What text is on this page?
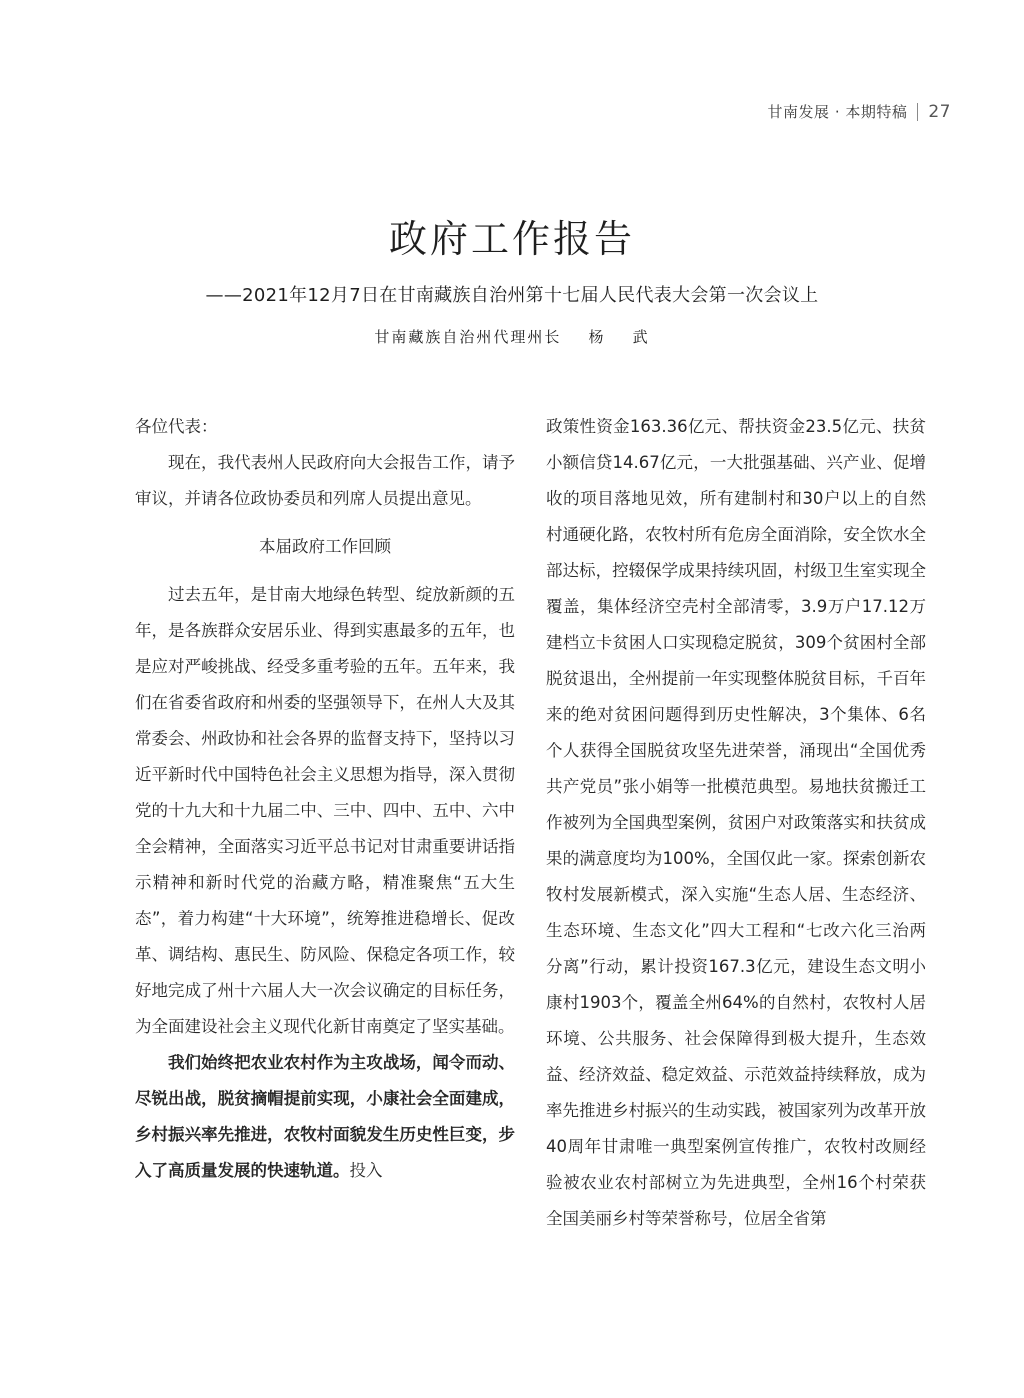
甘南发展 · 本期特稿 27
政府工作报告
——2021年12月7日在甘南藏族自治州第十七届人民代表大会第一次会议上
甘南藏族自治州代理州长    杨    武

各位代表：

现在，我代表州人民政府向大会报告工作，请予审议，并请各位政协委员和列席人员提出意见。

本届政府工作回顾

过去五年，是甘南大地绿色转型、绽放新颜的五年，是各族群众安居乐业、得到实惠最多的五年，也是应对严峻挑战、经受多重考验的五年。五年来，我们在省委省政府和州委的坚强领导下，在州人大及其常委会、州政协和社会各界的监督支持下，坚持以习近平新时代中国特色社会主义思想为指导，深入贯彻党的十九大和十九届二中、三中、四中、五中、六中全会精神，全面落实习近平总书记对甘肃重要讲话指示精神和新时代党的治藏方略，精准聚焦“五大生态”，着力构建“十大环境”，统筹推进稳增长、促改革、调结构、惠民生、防风险、保稳定各项工作，较好地完成了州十六届人大一次会议确定的目标任务，为全面建设社会主义现代化新甘南奠定了坚实基础。

我们始终把农业农村作为主攻战场，闻令而动、尽锐出战，脱贫摘帽提前实现，小康社会全面建成，乡村振兴率先推进，农牧村面貌发生历史性巨变，步入了高质量发展的快速轨道。投入

政策性资金163.36亿元、帮扶资金23.5亿元、扶贫小额信贷14.67亿元，一大批强基础、兴产业、促增收的项目落地见效，所有建制村和30户以上的自然村通硬化路，农牧村所有危房全面消除，安全饮水全部达标，控辍保学成果持续巩固，村级卫生室实现全覆盖，集体经济空壳村全部清零，3.9万户17.12万建档立卡贫困人口实现稳定脱贫，309个贫困村全部脱贫退出，全州提前一年实现整体脱贫目标，千百年来的绝对贫困问题得到历史性解决，3个集体、6名个人获得全国脱贫攻坚先进荣誉，涌现出“全国优秀共产党员”张小娟等一批模范典型。易地扶贫搬迁工作被列为全国典型案例，贫困户对政策落实和扶贫成果的满意度均为100%，全国仅此一家。探索创新农牧村发展新模式，深入实施“生态人居、生态经济、生态环境、生态文化”四大工程和“七改六化三治两分离”行动，累计投资167.3亿元，建设生态文明小康村1903个，覆盖全州64%的自然村，农牧村人居环境、公共服务、社会保障得到极大提升，生态效益、经济效益、稳定效益、示范效益持续释放，成为率先推进乡村振兴的生动实践，被国家列为改革开放40周年甘肃唯一典型案例宣传推广，农牧村改厕经验被农业农村部树立为先进典型，全州16个村荣获全国美丽乡村等荣誉称号，位居全省第
